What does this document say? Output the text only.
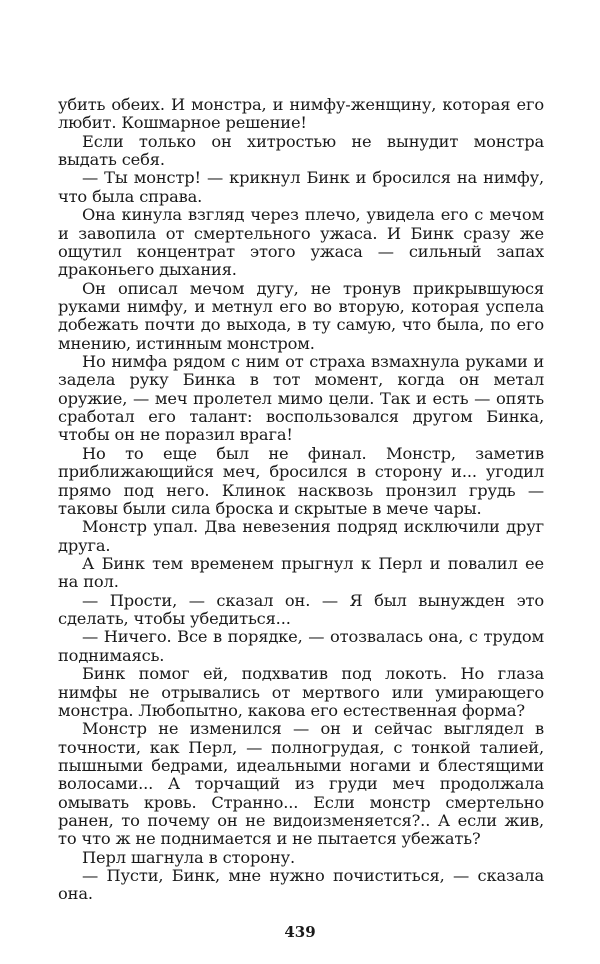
убить обеих. И монстра, и нимфу-женщину, которая его любит. Кошмарное решение!

Если только он хитростью не вынудит монстра выдать себя.

— Ты монстр! — крикнул Бинк и бросился на нимфу, что была справа.

Она кинула взгляд через плечо, увидела его с мечом и завопила от смертельного ужаса. И Бинк сразу же ощутил концентрат этого ужаса — сильный запах драконьего дыхания.

Он описал мечом дугу, не тронув прикрывшуюся руками нимфу, и метнул его во вторую, которая успела добежать почти до выхода, в ту самую, что была, по его мнению, истинным монстром.

Но нимфа рядом с ним от страха взмахнула руками и задела руку Бинка в тот момент, когда он метал оружие, — меч пролетел мимо цели. Так и есть — опять сработал его талант: воспользовался другом Бинка, чтобы он не поразил врага!

Но то еще был не финал. Монстр, заметив приближающийся меч, бросился в сторону и... угодил прямо под него. Клинок насквозь пронзил грудь — таковы были сила броска и скрытые в мече чары.

Монстр упал. Два невезения подряд исключили друг друга.

А Бинк тем временем прыгнул к Перл и повалил ее на пол.

— Прости, — сказал он. — Я был вынужден это сделать, чтобы убедиться...

— Ничего. Все в порядке, — отозвалась она, с трудом поднимаясь.

Бинк помог ей, подхватив под локоть. Но глаза нимфы не отрывались от мертвого или умирающего монстра. Любопытно, какова его естественная форма?

Монстр не изменился — он и сейчас выглядел в точности, как Перл, — полногрудая, с тонкой талией, пышными бедрами, идеальными ногами и блестящими волосами... А торчащий из груди меч продолжала омывать кровь. Странно... Если монстр смертельно ранен, то почему он не видоизменяется?.. А если жив, то что ж не поднимается и не пытается убежать?

Перл шагнула в сторону.

— Пусти, Бинк, мне нужно почиститься, — сказала она.

439
